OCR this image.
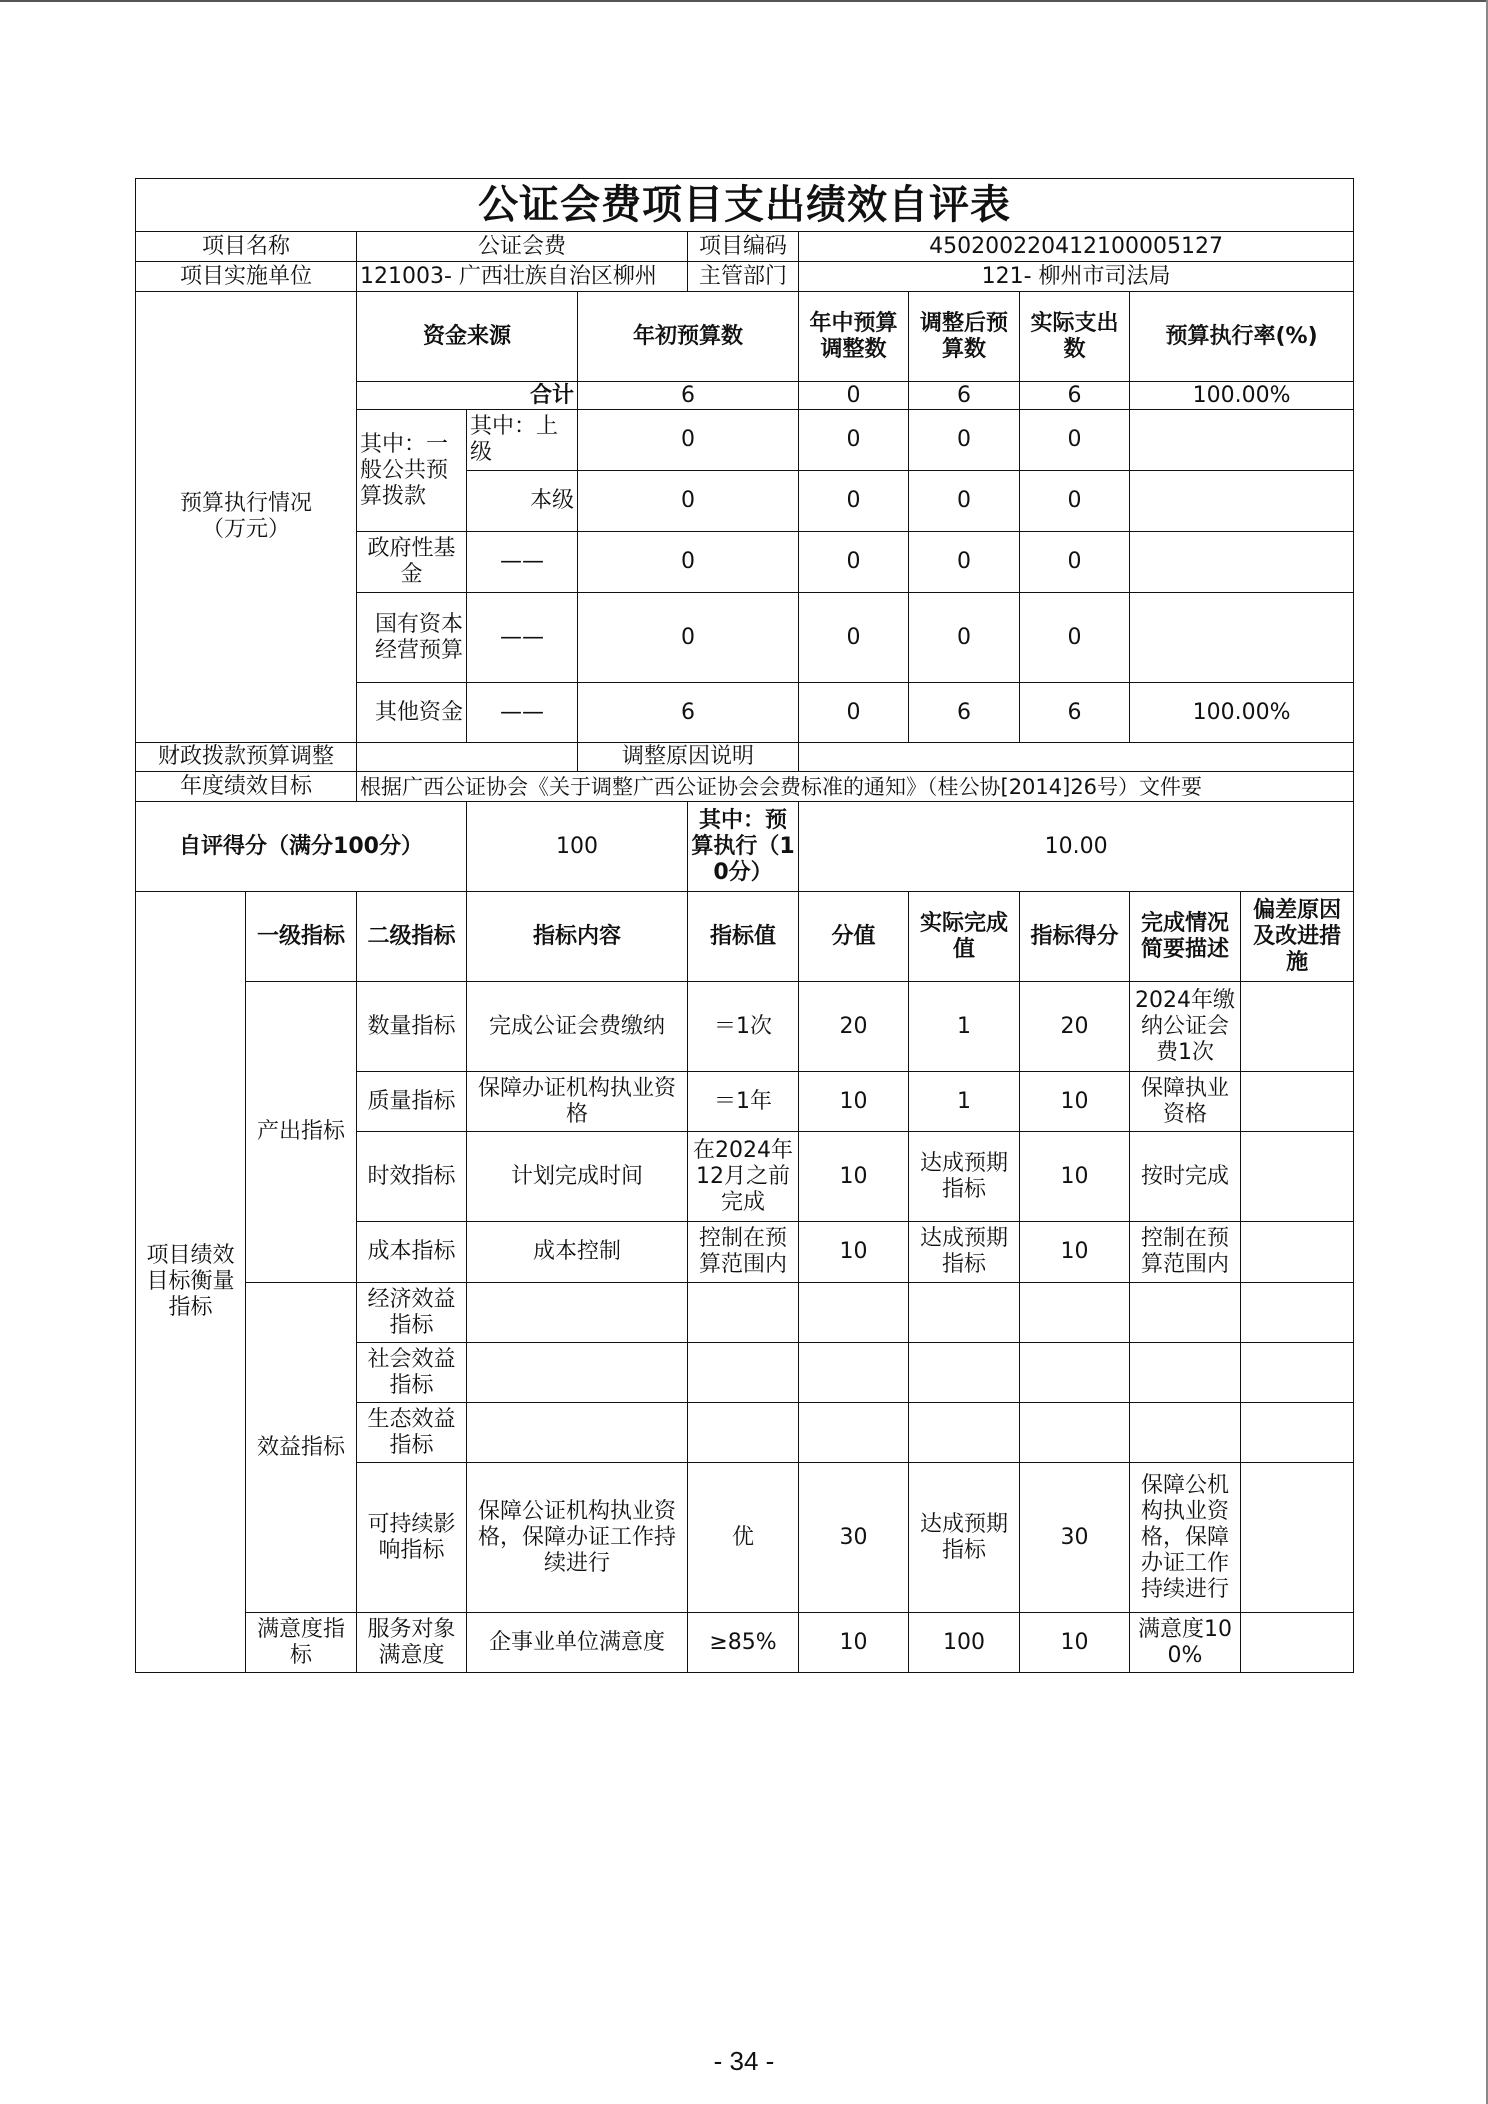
公证会费项目支出绩效自评表										
项目名称		公证会费			项目编码	450200220412100005127				
项目实施单位		121003- 广西壮族自治区柳州			主管部门	121- 柳州市司法局				
预算执行情况
（万元）		资金来源		年初预算数		年中预算调整数	调整后预算数	实际支出数	预算执行率(%)	
		合计		6		0	6	6	100.00%	
		其中：一般公共预算拨款	其中：上级	0		0	0	0		
			本级	0		0	0	0		
		政府性基金	——	0		0	0	0		
		国有资本经营预算	——	0		0	0	0		
		其他资金	——	6		0	6	6	100.00%	
财政拨款预算调整				调整原因说明						
年度绩效目标		根据广西公证协会《关于调整广西公证协会会费标准的通知》（桂公协[2014]26号）文件要								
自评得分（满分100分）			100		其中：预算执行（10分）	10.00				
项目绩效目标衡量指标	一级指标	二级指标	指标内容		指标值	分值	实际完成值	指标得分	完成情况简要描述	偏差原因及改进措施
	产出指标	数量指标	完成公证会费缴纳		＝1次	20	1	20	2024年缴纳公证会费1次	
		质量指标	保障办证机构执业资格		＝1年	10	1	10	保障执业资格	
		时效指标	计划完成时间		在2024年12月之前完成	10	达成预期指标	10	按时完成	
		成本指标	成本控制		控制在预算范围内	10	达成预期指标	10	控制在预算范围内	
	效益指标	经济效益指标								
		社会效益指标								
		生态效益指标								
		可持续影响指标	保障公证机构执业资格，保障办证工作持续进行		优	30	达成预期指标	30	保障公机构执业资格，保障办证工作持续进行	
	满意度指标	服务对象满意度	企事业单位满意度		≥85%	10	100	10	满意度100%	
- 34 -
